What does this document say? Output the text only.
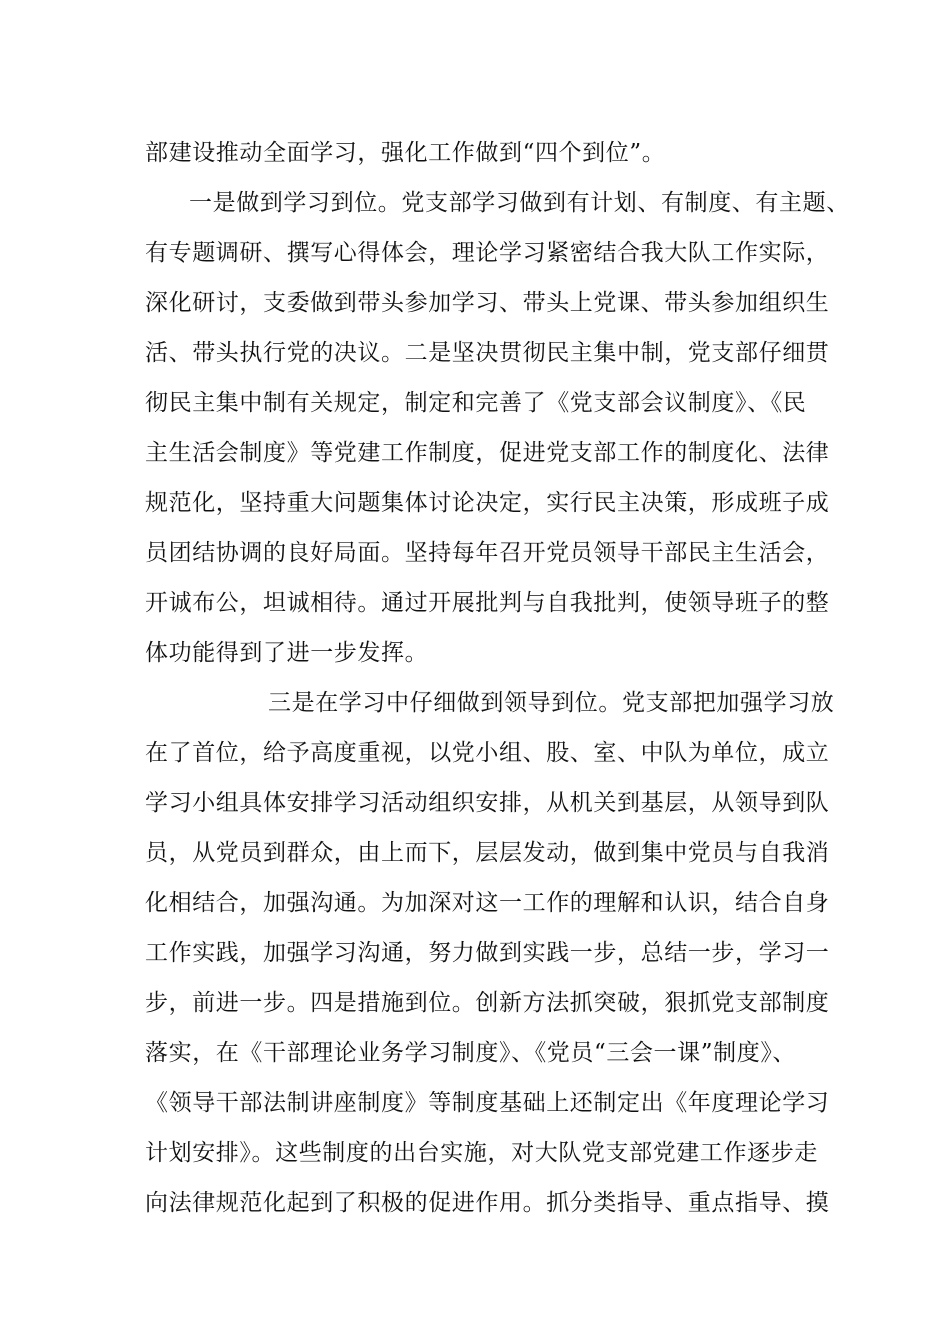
部建设推动全面学习，强化工作做到“四个到位”。
一是做到学习到位。党支部学习做到有计划、有制度、有主题、
有专题调研、撰写心得体会，理论学习紧密结合我大队工作实际，
深化研讨，支委做到带头参加学习、带头上党课、带头参加组织生
活、带头执行党的决议。二是坚决贯彻民主集中制，党支部仔细贯
彻民主集中制有关规定，制定和完善了《党支部会议制度》、《民
主生活会制度》等党建工作制度，促进党支部工作的制度化、法律
规范化，坚持重大问题集体讨论决定，实行民主决策，形成班子成
员团结协调的良好局面。坚持每年召开党员领导干部民主生活会，
开诚布公，坦诚相待。通过开展批判与自我批判，使领导班子的整
体功能得到了进一步发挥。
三是在学习中仔细做到领导到位。党支部把加强学习放
在了首位，给予高度重视，以党小组、股、室、中队为单位，成立
学习小组具体安排学习活动组织安排，从机关到基层，从领导到队
员，从党员到群众，由上而下，层层发动，做到集中党员与自我消
化相结合，加强沟通。为加深对这一工作的理解和认识，结合自身
工作实践，加强学习沟通，努力做到实践一步，总结一步，学习一
步，前进一步。四是措施到位。创新方法抓突破，狠抓党支部制度
落实，在《干部理论业务学习制度》、《党员“三会一课”制度》、
《领导干部法制讲座制度》等制度基础上还制定出《年度理论学习
计划安排》。这些制度的出台实施，对大队党支部党建工作逐步走
向法律规范化起到了积极的促进作用。抓分类指导、重点指导、摸
